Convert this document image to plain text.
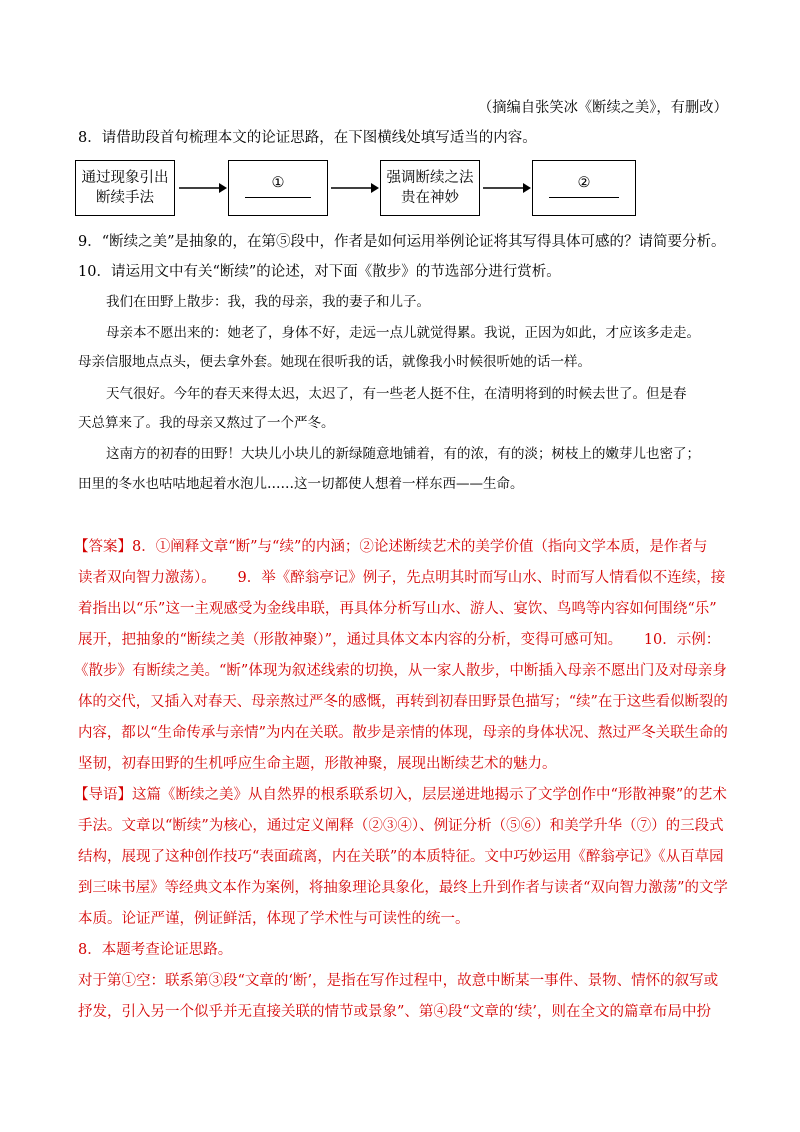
（摘编自张笑冰《断续之美》，有删改）
8．请借助段首句梳理本文的论证思路，在下图横线处填写适当的内容。
通过现象引出
断续手法
①	强调断续之法
贵在神妙
②
9．“断续之美”是抽象的，在第⑤段中，作者是如何运用举例论证将其写得具体可感的？请简要分析。
10．请运用文中有关“断续”的论述，对下面《散步》的节选部分进行赏析。
我们在田野上散步：我，我的母亲，我的妻子和儿子。
母亲本不愿出来的：她老了，身体不好，走远一点儿就觉得累。我说，正因为如此，才应该多走走。
母亲信服地点点头，便去拿外套。她现在很听我的话，就像我小时候很听她的话一样。
天气很好。今年的春天来得太迟，太迟了，有一些老人挺不住，在清明将到的时候去世了。但是春
天总算来了。我的母亲又熬过了一个严冬。
这南方的初春的田野！大块儿小块儿的新绿随意地铺着，有的浓，有的淡；树枝上的嫩芽儿也密了；
田里的冬水也咕咕地起着水泡儿……这一切都使人想着一样东西——生命。
【答案】8．①阐释文章“断”与“续”的内涵；②论述断续艺术的美学价值（指向文学本质，是作者与
读者双向智力激荡）。　　9．举《醉翁亭记》例子，先点明其时而写山水、时而写人情看似不连续，接
着指出以“乐”这一主观感受为金线串联，再具体分析写山水、游人、宴饮、鸟鸣等内容如何围绕“乐”
展开，把抽象的“断续之美（形散神聚）”，通过具体文本内容的分析，变得可感可知。　　10．示例：
《散步》有断续之美。“断”体现为叙述线索的切换，从一家人散步，中断插入母亲不愿出门及对母亲身
体的交代，又插入对春天、母亲熬过严冬的感慨，再转到初春田野景色描写；“续”在于这些看似断裂的
内容，都以“生命传承与亲情”为内在关联。散步是亲情的体现，母亲的身体状况、熬过严冬关联生命的
坚韧，初春田野的生机呼应生命主题，形散神聚，展现出断续艺术的魅力。
【导语】这篇《断续之美》从自然界的根系联系切入，层层递进地揭示了文学创作中“形散神聚”的艺术
手法。文章以“断续”为核心，通过定义阐释（②③④）、例证分析（⑤⑥）和美学升华（⑦）的三段式
结构，展现了这种创作技巧“表面疏离，内在关联”的本质特征。文中巧妙运用《醉翁亭记》《从百草园
到三味书屋》等经典文本作为案例，将抽象理论具象化，最终上升到作者与读者“双向智力激荡”的文学
本质。论证严谨，例证鲜活，体现了学术性与可读性的统一。
8．本题考查论证思路。
对于第①空：联系第③段“文章的‘断’，是指在写作过程中，故意中断某一事件、景物、情怀的叙写或
抒发，引入另一个似乎并无直接关联的情节或景象”、第④段“文章的‘续’，则在全文的篇章布局中扮
